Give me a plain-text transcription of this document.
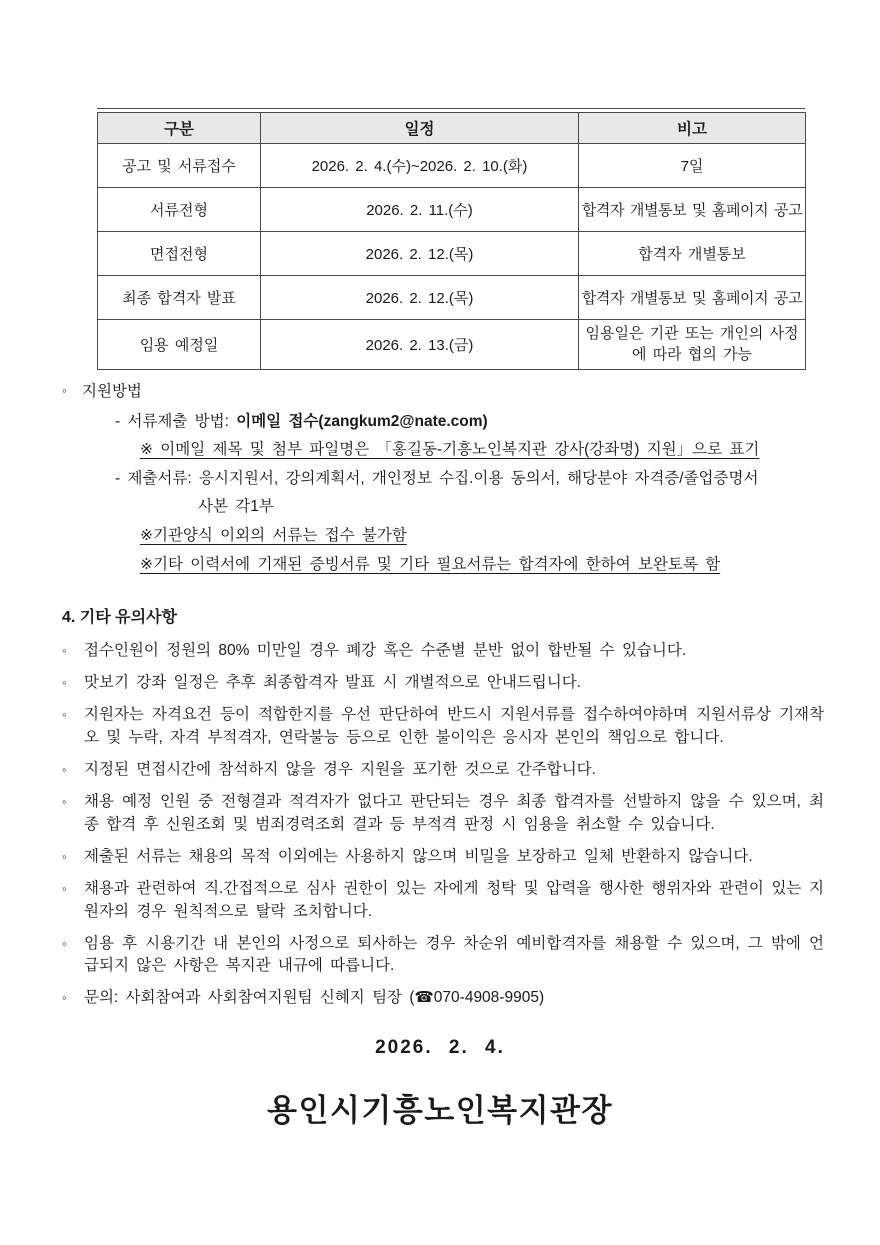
구분	일정	비고
공고 및 서류접수	2026. 2. 4.(수)~2026. 2. 10.(화)	7일
서류전형	2026. 2. 11.(수)	합격자 개별통보 및 홈페이지 공고
면접전형	2026. 2. 12.(목)	합격자 개별통보
최종 합격자 발표	2026. 2. 12.(목)	합격자 개별통보 및 홈페이지 공고
임용 예정일	2026. 2. 13.(금)	임용일은 기관 또는 개인의 사정에 따라 협의 가능
◦ 지원방법
- 서류제출 방법: 이메일 접수(zangkum2@nate.com)
※ 이메일 제목 및 첨부 파일명은 「홍길동-기흥노인복지관 강사(강좌명) 지원」으로 표기
- 제출서류: 응시지원서, 강의계획서, 개인정보 수집.이용 동의서, 해당분야 자격증/졸업증명서
사본 각1부
※기관양식 이외의 서류는 접수 불가함
※기타 이력서에 기재된 증빙서류 및 기타 필요서류는 합격자에 한하여 보완토록 함
4. 기타 유의사항
◦ 접수인원이 정원의 80% 미만일 경우 폐강 혹은 수준별 분반 없이 합반될 수 있습니다.
◦ 맛보기 강좌 일정은 추후 최종합격자 발표 시 개별적으로 안내드립니다.
◦ 지원자는 자격요건 등이 적합한지를 우선 판단하여 반드시 지원서류를 접수하여야하며 지원서류상 기재착오 및 누락, 자격 부적격자, 연락불능 등으로 인한 불이익은 응시자 본인의 책임으로 합니다.
◦ 지정된 면접시간에 참석하지 않을 경우 지원을 포기한 것으로 간주합니다.
◦ 채용 예정 인원 중 전형결과 적격자가 없다고 판단되는 경우 최종 합격자를 선발하지 않을 수 있으며, 최종 합격 후 신원조회 및 범죄경력조회 결과 등 부적격 판정 시 임용을 취소할 수 있습니다.
◦ 제출된 서류는 채용의 목적 이외에는 사용하지 않으며 비밀을 보장하고 일체 반환하지 않습니다.
◦ 채용과 관련하여 직.간접적으로 심사 권한이 있는 자에게 청탁 및 압력을 행사한 행위자와 관련이 있는 지원자의 경우 원칙적으로 탈락 조치합니다.
◦ 임용 후 시용기간 내 본인의 사정으로 퇴사하는 경우 차순위 예비합격자를 채용할 수 있으며, 그 밖에 언급되지 않은 사항은 복지관 내규에 따릅니다.
◦ 문의: 사회참여과 사회참여지원팀 신혜지 팀장 (☎070-4908-9905)
2026. 2. 4.
용인시기흥노인복지관장
